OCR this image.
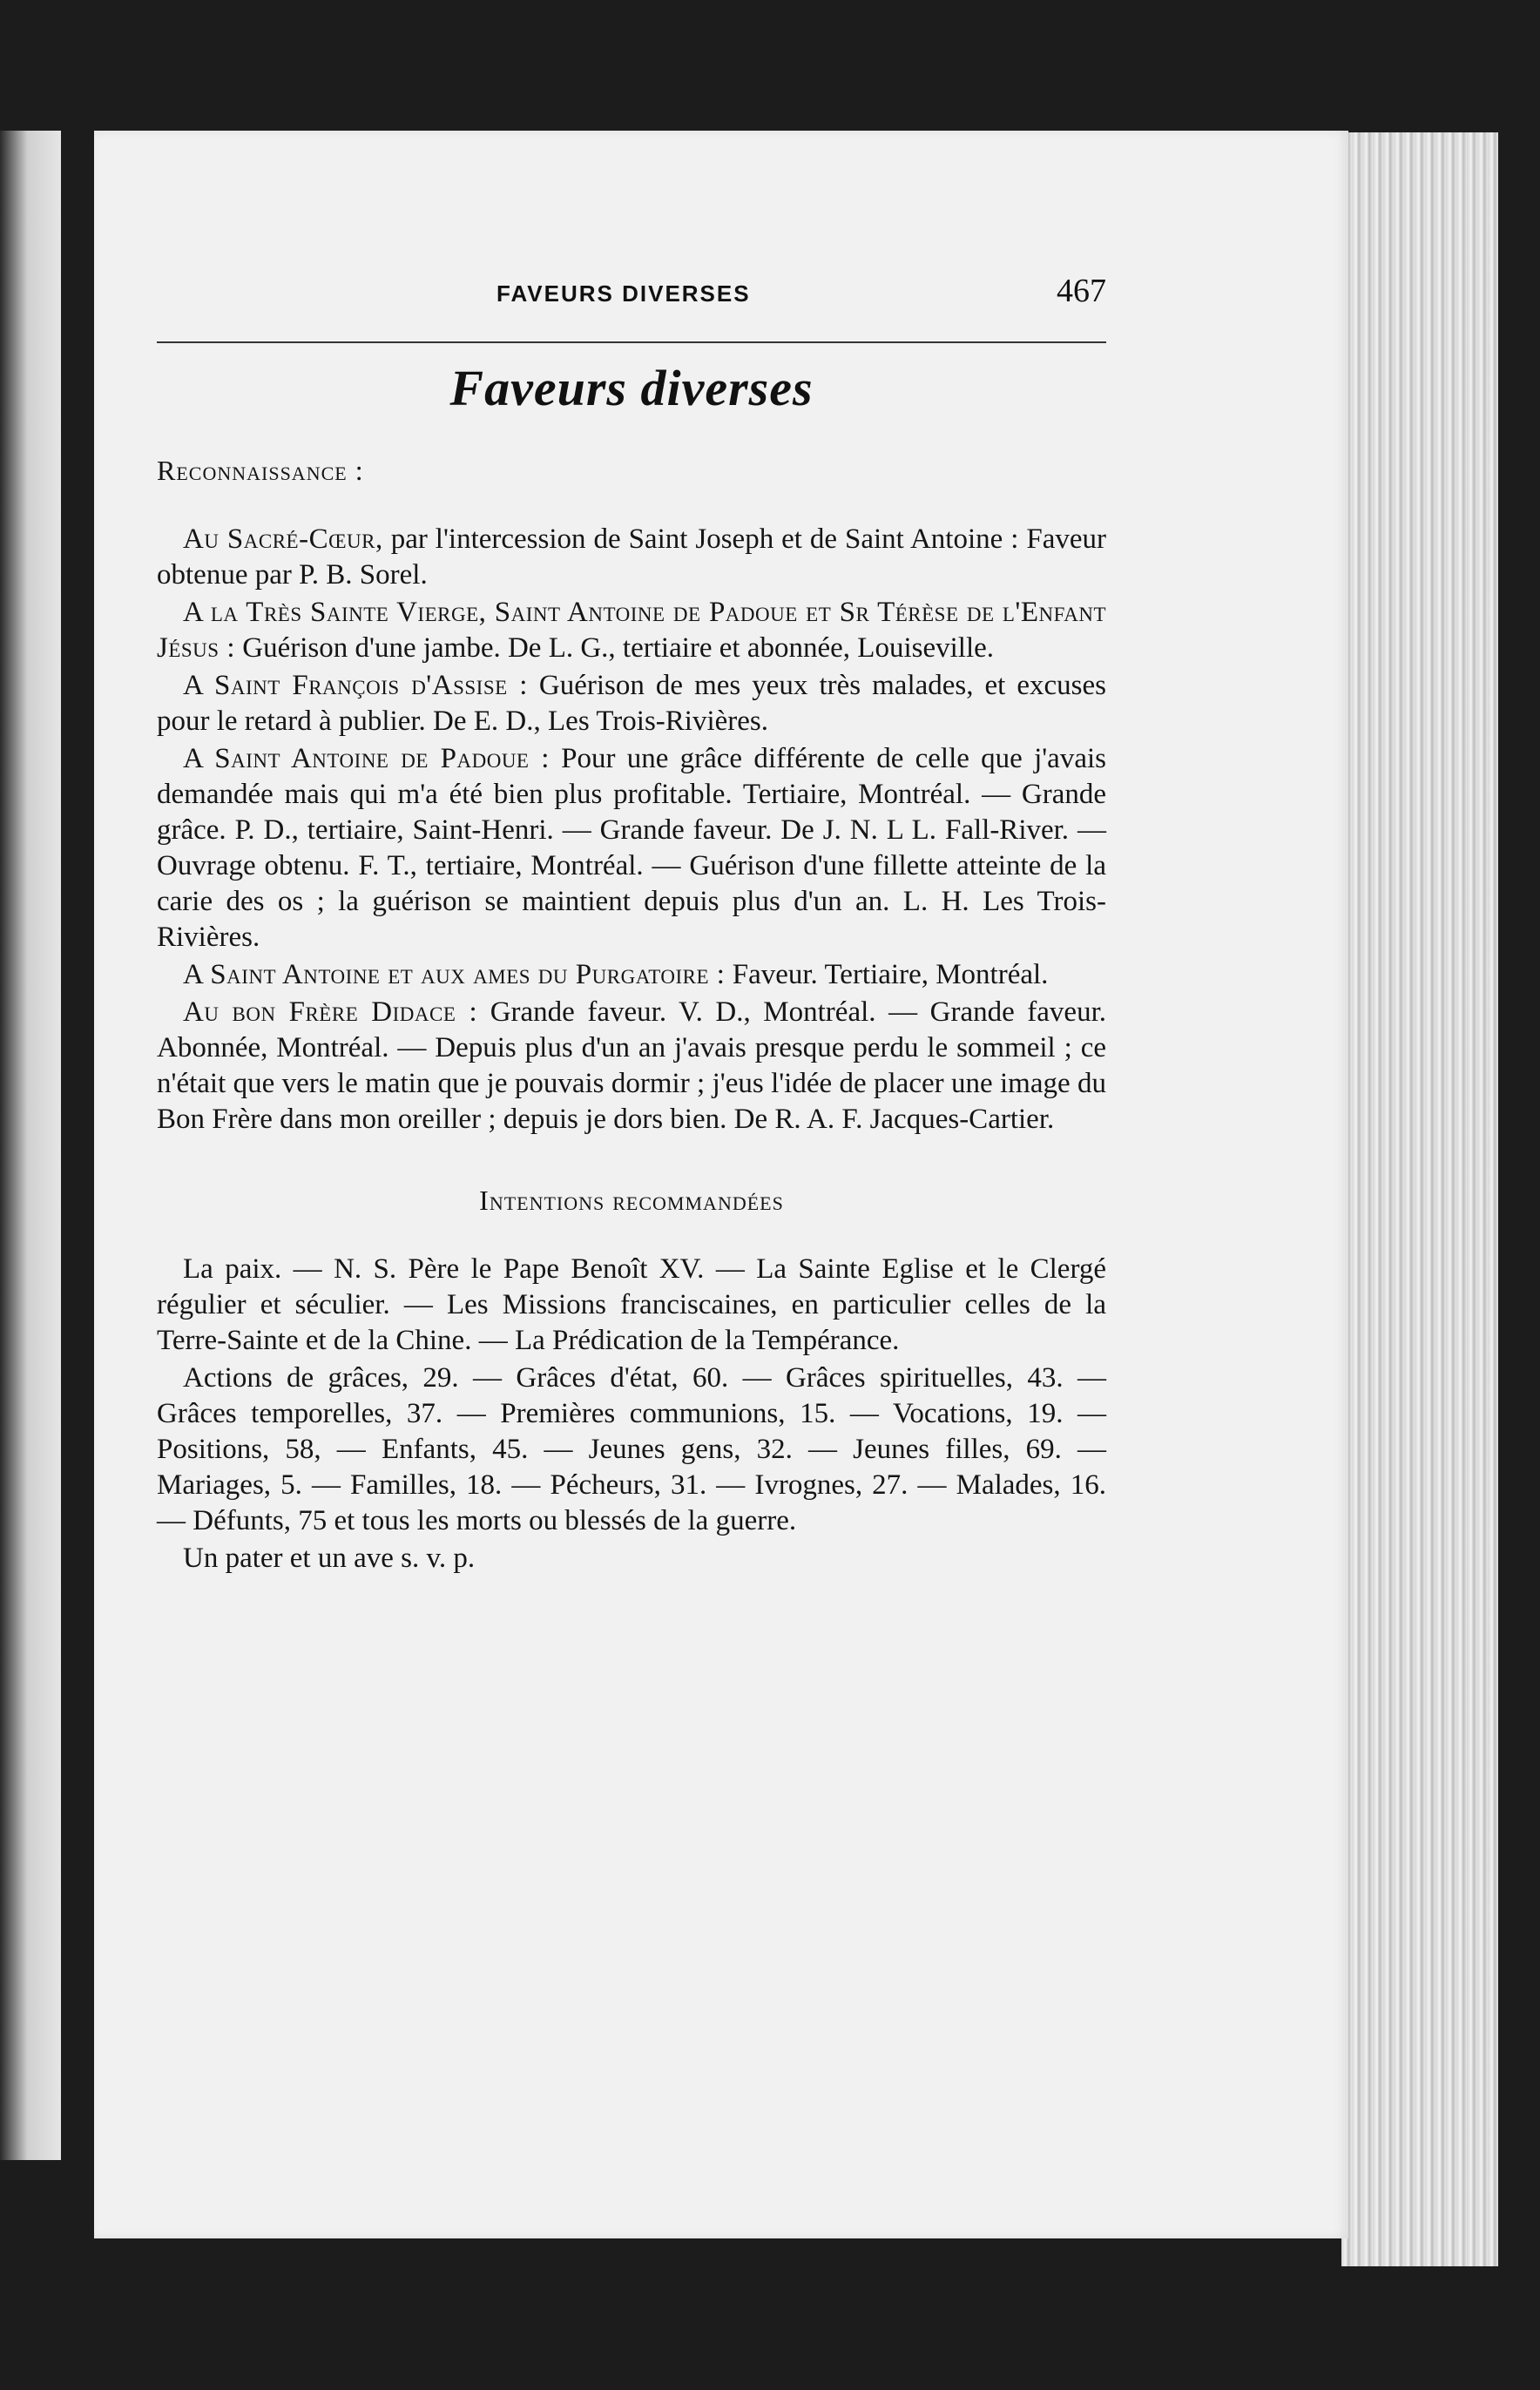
FAVEURS DIVERSES	467
Faveurs diverses
Reconnaissance :

Au Sacré-Cœur, par l'intercession de Saint Joseph et de Saint Antoine : Faveur obtenue par P. B. Sorel.

A la Très Sainte Vierge, Saint Antoine de Padoue et Sr Térèse de l'Enfant Jésus : Guérison d'une jambe. De L. G., tertiaire et abonnée, Louiseville.

A Saint François d'Assise : Guérison de mes yeux très malades, et excuses pour le retard à publier. De E. D., Les Trois-Rivières.

A Saint Antoine de Padoue : Pour une grâce différente de celle que j'avais demandée mais qui m'a été bien plus profitable. Tertiaire, Montréal. — Grande grâce. P. D., tertiaire, Saint-Henri. — Grande faveur. De J. N. L L. Fall-River. — Ouvrage obtenu. F. T., tertiaire, Montréal. — Guérison d'une fillette atteinte de la carie des os ; la guérison se maintient depuis plus d'un an. L. H. Les Trois-Rivières.

A Saint Antoine et aux ames du Purgatoire : Faveur. Tertiaire, Montréal.

Au bon Frère Didace : Grande faveur. V. D., Montréal. — Grande faveur. Abonnée, Montréal. — Depuis plus d'un an j'avais presque perdu le sommeil ; ce n'était que vers le matin que je pouvais dormir ; j'eus l'idée de placer une image du Bon Frère dans mon oreiller ; depuis je dors bien. De R. A. F. Jacques-Cartier.

Intentions recommandées

La paix. — N. S. Père le Pape Benoît XV. — La Sainte Eglise et le Clergé régulier et séculier. — Les Missions franciscaines, en particulier celles de la Terre-Sainte et de la Chine. — La Prédication de la Tempérance.

Actions de grâces, 29. — Grâces d'état, 60. — Grâces spirituelles, 43. — Grâces temporelles, 37. — Premières communions, 15. — Vocations, 19. — Positions, 58, — Enfants, 45. — Jeunes gens, 32. — Jeunes filles, 69. — Mariages, 5. — Familles, 18. — Pécheurs, 31. — Ivrognes, 27. — Malades, 16. — Défunts, 75 et tous les morts ou blessés de la guerre.

Un pater et un ave s. v. p.
